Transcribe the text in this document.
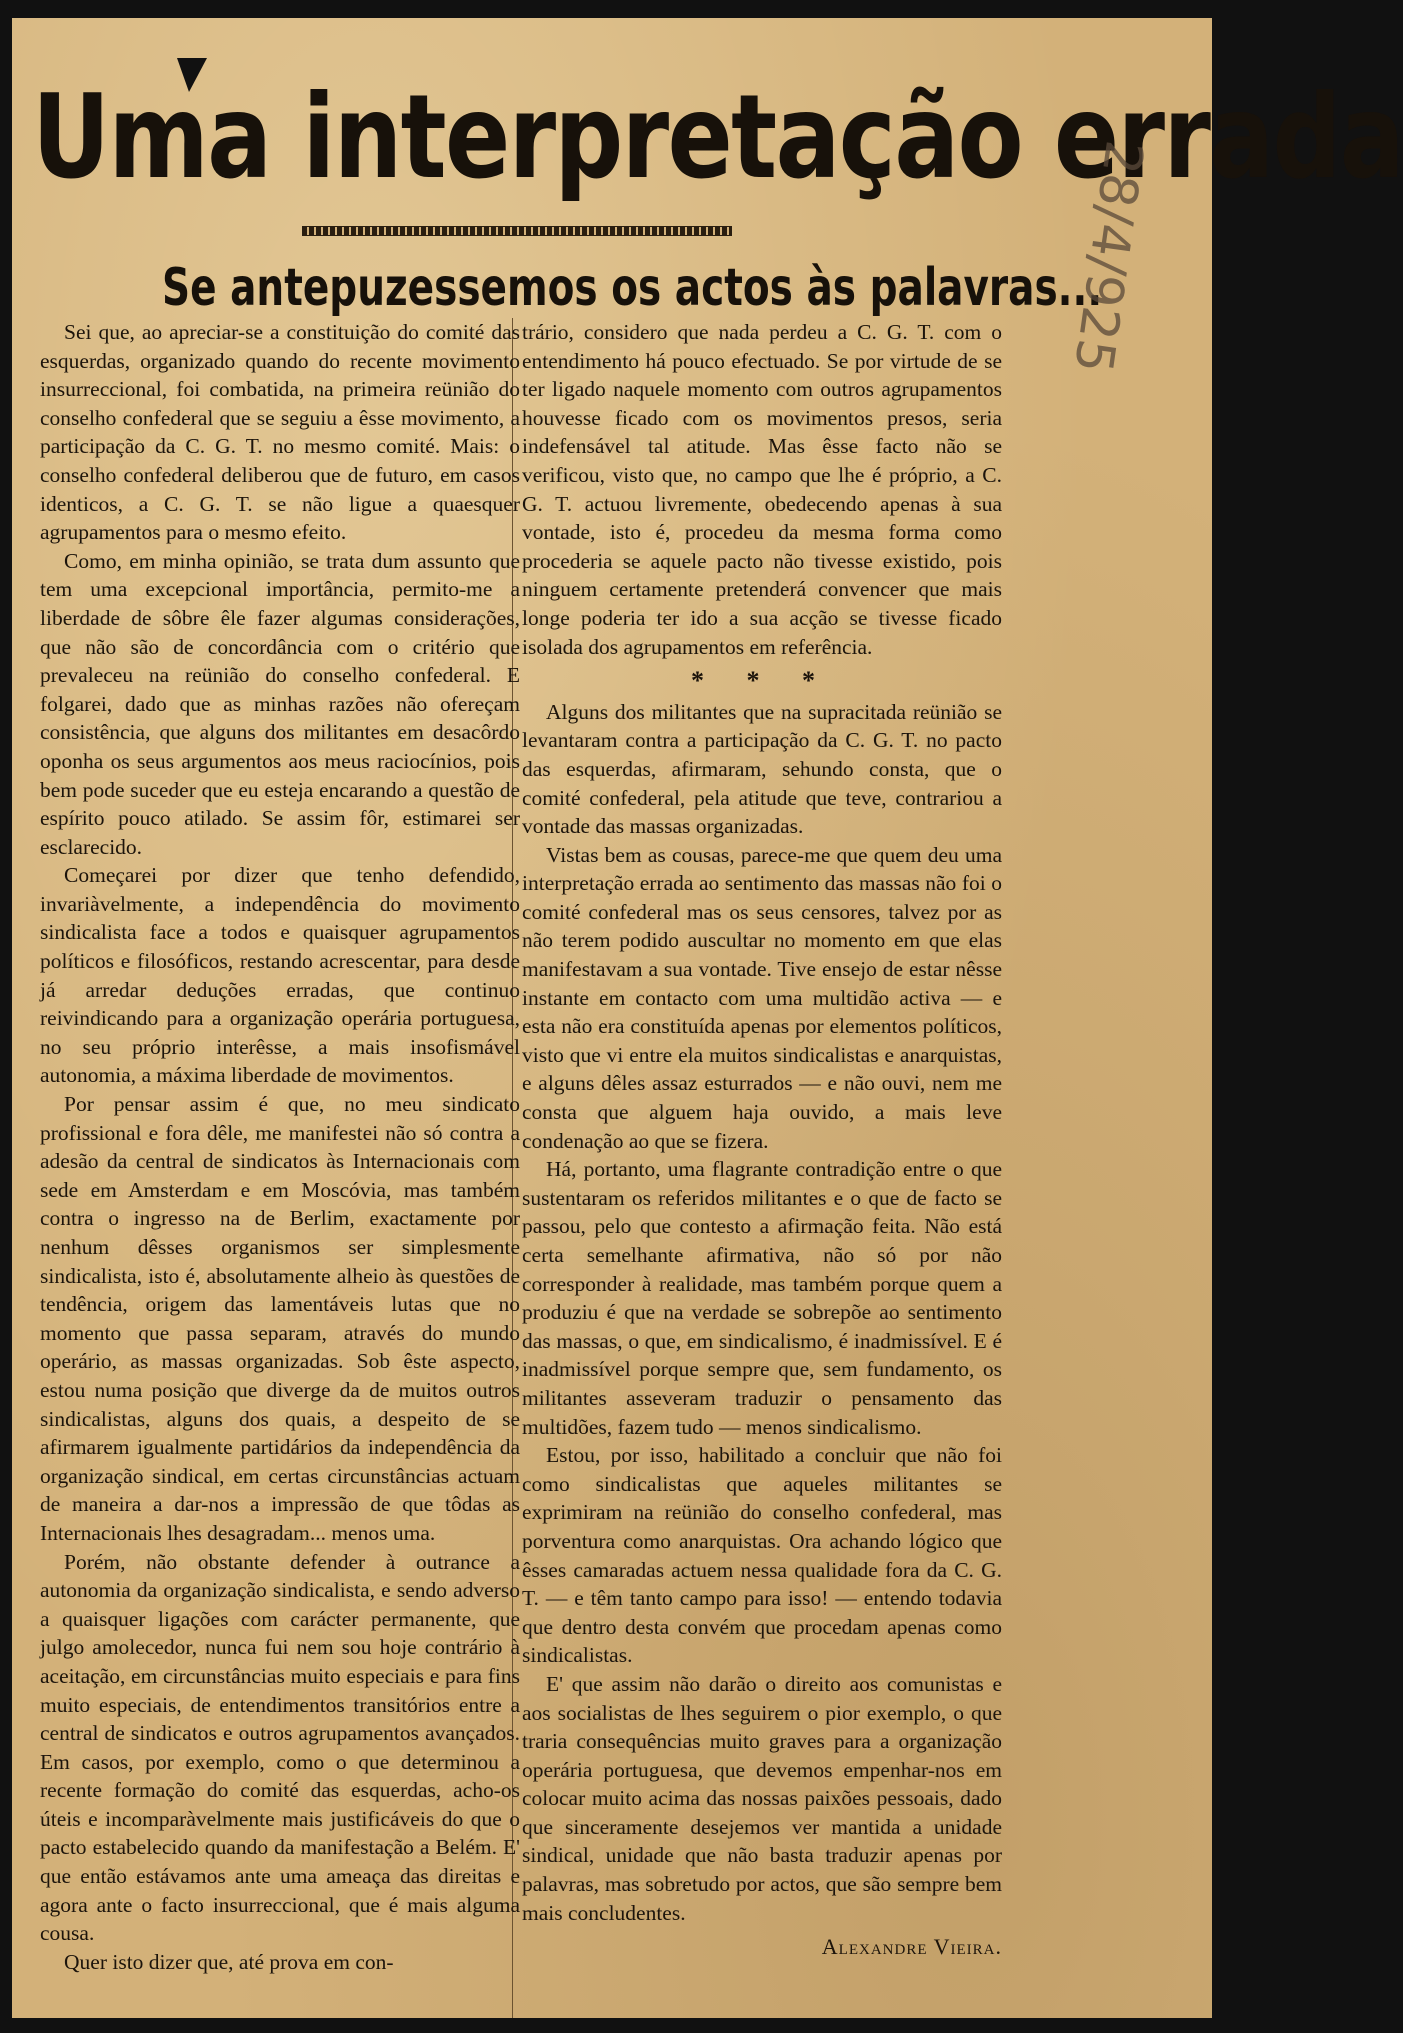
Uma interpretação errada
Se antepuzessemos os actos às palavras...
28/4/925

Sei que, ao apreciar-se a constituição do comité das esquerdas, organizado quando do recente movimento insurreccional, foi combatida, na primeira reünião do conselho confederal que se seguiu a êsse movimento, a participação da C. G. T. no mesmo comité. Mais: o conselho confederal deliberou que de futuro, em casos identicos, a C. G. T. se não ligue a quaesquer agrupamentos para o mesmo efeito.

Como, em minha opinião, se trata dum assunto que tem uma excepcional importância, permito-me a liberdade de sôbre êle fazer algumas considerações, que não são de concordância com o critério que prevaleceu na reünião do conselho confederal. E folgarei, dado que as minhas razões não ofereçam consistência, que alguns dos militantes em desacôrdo oponha os seus argumentos aos meus raciocínios, pois bem pode suceder que eu esteja encarando a questão de espírito pouco atilado. Se assim fôr, estimarei ser esclarecido.

Começarei por dizer que tenho defendido, invariàvelmente, a independência do movimento sindicalista face a todos e quaisquer agrupamentos políticos e filosóficos, restando acrescentar, para desde já arredar deduções erradas, que continuo reivindicando para a organização operária portuguesa, no seu próprio interêsse, a mais insofismável autonomia, a máxima liberdade de movimentos.

Por pensar assim é que, no meu sindicato profissional e fora dêle, me manifestei não só contra a adesão da central de sindicatos às Internacionais com sede em Amsterdam e em Moscóvia, mas também contra o ingresso na de Berlim, exactamente por nenhum dêsses organismos ser simplesmente sindicalista, isto é, absolutamente alheio às questões de tendência, origem das lamentáveis lutas que no momento que passa separam, através do mundo operário, as massas organizadas. Sob êste aspecto, estou numa posição que diverge da de muitos outros sindicalistas, alguns dos quais, a despeito de se afirmarem igualmente partidários da independência da organização sindical, em certas circunstâncias actuam de maneira a dar-nos a impressão de que tôdas as Internacionais lhes desagradam... menos uma.

Porém, não obstante defender à outrance a autonomia da organização sindicalista, e sendo adverso a quaisquer ligações com carácter permanente, que julgo amolecedor, nunca fui nem sou hoje contrário à aceitação, em circunstâncias muito especiais e para fins muito especiais, de entendimentos transitórios entre a central de sindicatos e outros agrupamentos avançados. Em casos, por exemplo, como o que determinou a recente formação do comité das esquerdas, acho-os úteis e incomparàvelmente mais justificáveis do que o pacto estabelecido quando da manifestação a Belém. E' que então estávamos ante uma ameaça das direitas e agora ante o facto insurreccional, que é mais alguma cousa.

Quer isto dizer que, até prova em con-

trário, considero que nada perdeu a C. G. T. com o entendimento há pouco efectuado. Se por virtude de se ter ligado naquele momento com outros agrupamentos houvesse ficado com os movimentos presos, seria indefensável tal atitude. Mas êsse facto não se verificou, visto que, no campo que lhe é próprio, a C. G. T. actuou livremente, obedecendo apenas à sua vontade, isto é, procedeu da mesma forma como procederia se aquele pacto não tivesse existido, pois ninguem certamente pretenderá convencer que mais longe poderia ter ido a sua acção se tivesse ficado isolada dos agrupamentos em referência.

* * *

Alguns dos militantes que na supracitada reünião se levantaram contra a participação da C. G. T. no pacto das esquerdas, afirmaram, sehundo consta, que o comité confederal, pela atitude que teve, contrariou a vontade das massas organizadas.

Vistas bem as cousas, parece-me que quem deu uma interpretação errada ao sentimento das massas não foi o comité confederal mas os seus censores, talvez por as não terem podido auscultar no momento em que elas manifestavam a sua vontade. Tive ensejo de estar nêsse instante em contacto com uma multidão activa — e esta não era constituída apenas por elementos políticos, visto que vi entre ela muitos sindicalistas e anarquistas, e alguns dêles assaz esturrados — e não ouvi, nem me consta que alguem haja ouvido, a mais leve condenação ao que se fizera.

Há, portanto, uma flagrante contradição entre o que sustentaram os referidos militantes e o que de facto se passou, pelo que contesto a afirmação feita. Não está certa semelhante afirmativa, não só por não corresponder à realidade, mas também porque quem a produziu é que na verdade se sobrepõe ao sentimento das massas, o que, em sindicalismo, é inadmissível. E é inadmissível porque sempre que, sem fundamento, os militantes asseveram traduzir o pensamento das multidões, fazem tudo — menos sindicalismo.

Estou, por isso, habilitado a concluir que não foi como sindicalistas que aqueles militantes se exprimiram na reünião do conselho confederal, mas porventura como anarquistas. Ora achando lógico que êsses camaradas actuem nessa qualidade fora da C. G. T. — e têm tanto campo para isso! — entendo todavia que dentro desta convém que procedam apenas como sindicalistas.

E' que assim não darão o direito aos comunistas e aos socialistas de lhes seguirem o pior exemplo, o que traria consequências muito graves para a organização operária portuguesa, que devemos empenhar-nos em colocar muito acima das nossas paixões pessoais, dado que sinceramente desejemos ver mantida a unidade sindical, unidade que não basta traduzir apenas por palavras, mas sobretudo por actos, que são sempre bem mais concludentes.

Alexandre Vieira.
